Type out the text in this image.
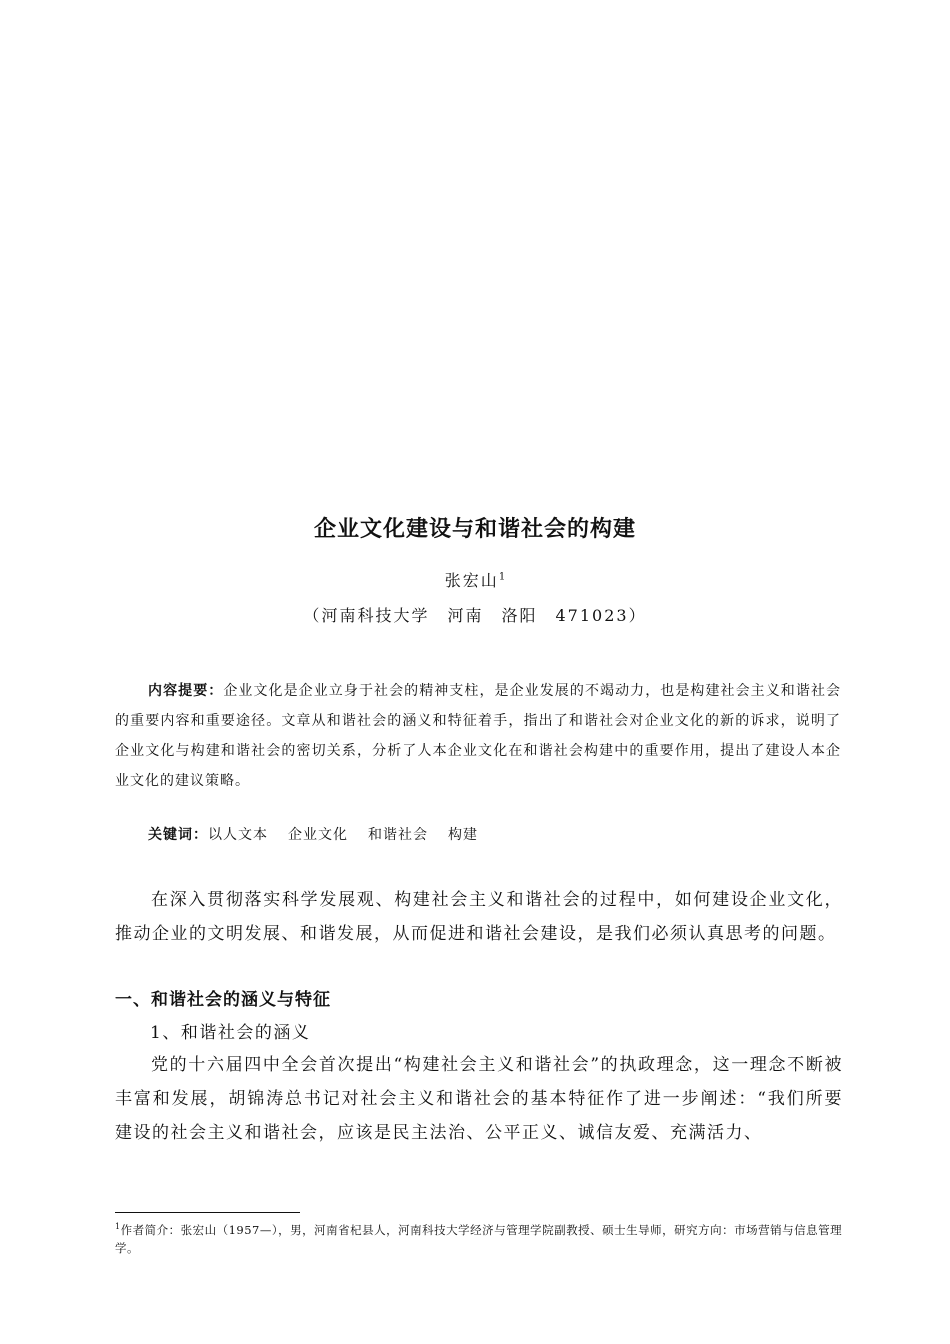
企业文化建设与和谐社会的构建
张宏山$^1$
（河南科技大学 河南 洛阳 471023）
内容提要：企业文化是企业立身于社会的精神支柱，是企业发展的不竭动力，也是构建社会主义和谐社会的重要内容和重要途径。文章从和谐社会的涵义和特征着手，指出了和谐社会对企业文化的新的诉求，说明了企业文化与构建和谐社会的密切关系，分析了人本企业文化在和谐社会构建中的重要作用，提出了建设人本企业文化的建议策略。
关键词：以人文本 企业文化 和谐社会 构建
在深入贯彻落实科学发展观、构建社会主义和谐社会的过程中，如何建设企业文化，推动企业的文明发展、和谐发展，从而促进和谐社会建设，是我们必须认真思考的问题。
一、和谐社会的涵义与特征
1、和谐社会的涵义
党的十六届四中全会首次提出“构建社会主义和谐社会”的执政理念，这一理念不断被丰富和发展，胡锦涛总书记对社会主义和谐社会的基本特征作了进一步阐述：“我们所要建设的社会主义和谐社会，应该是民主法治、公平正义、诚信友爱、充满活力、
$^1$作者简介：张宏山（1957—），男，河南省杞县人，河南科技大学经济与管理学院副教授、硕士生导师，研究方向：市场营销与信息管理学。
